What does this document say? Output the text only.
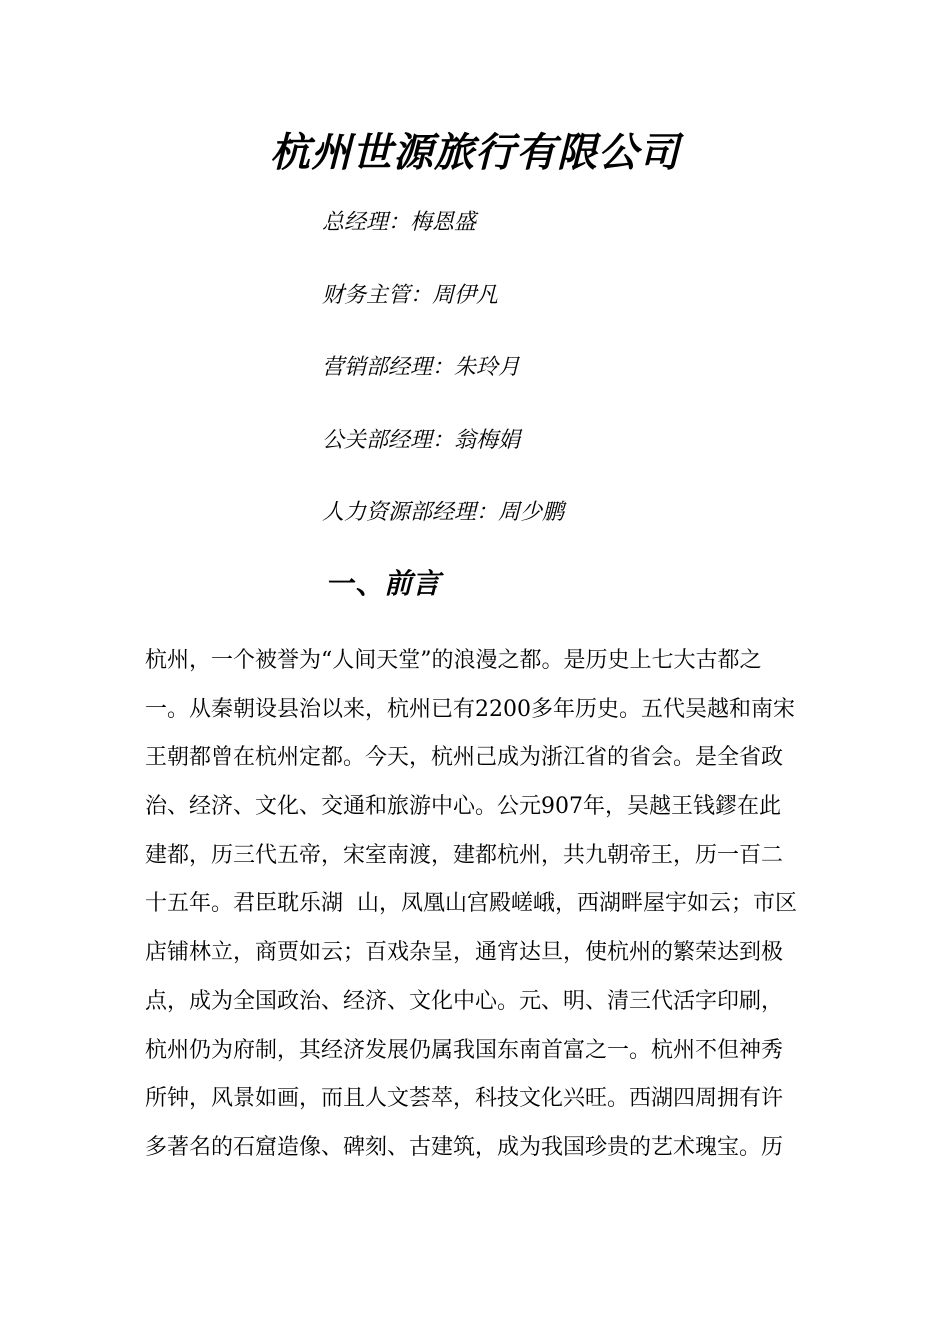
杭州世源旅行有限公司
总经理：梅恩盛
财务主管：周伊凡
营销部经理：朱玲月
公关部经理：翁梅娟
人力资源部经理：周少鹏
一、前言
杭州，一个被誉为“人间天堂”的浪漫之都。是历史上七大古都之
一。从秦朝设县治以来，杭州已有2200多年历史。五代吴越和南宋
王朝都曾在杭州定都。今天，杭州己成为浙江省的省会。是全省政
治、经济、文化、交通和旅游中心。公元907年，吴越王钱鏐在此
建都，历三代五帝，宋室南渡，建都杭州，共九朝帝王，历一百二
十五年。君臣耽乐湖  山，凤凰山宫殿嵯峨，西湖畔屋宇如云；市区
店铺林立，商贾如云；百戏杂呈，通宵达旦，使杭州的繁荣达到极
点，成为全国政治、经济、文化中心。元、明、清三代活字印刷，
杭州仍为府制，其经济发展仍属我国东南首富之一。杭州不但神秀
所钟，风景如画，而且人文荟萃，科技文化兴旺。西湖四周拥有许
多著名的石窟造像、碑刻、古建筑，成为我国珍贵的艺术瑰宝。历
